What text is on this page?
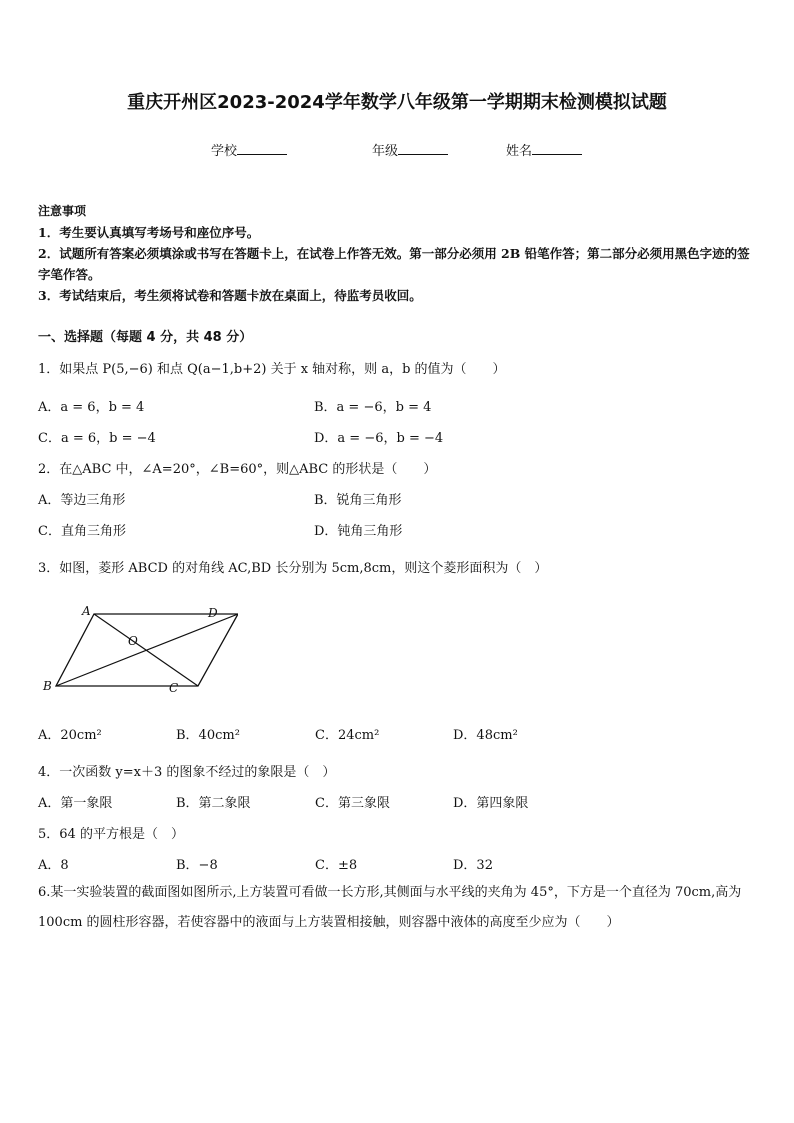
重庆开州区2023-2024学年数学八年级第一学期期末检测模拟试题
学校	年级	姓名
注意事项
1．考生要认真填写考场号和座位序号。
2．试题所有答案必须填涂或书写在答题卡上，在试卷上作答无效。第一部分必须用 2B 铅笔作答；第二部分必须用黑色字迹的签字笔作答。
3．考试结束后，考生须将试卷和答题卡放在桌面上，待监考员收回。
一、选择题（每题 4 分，共 48 分）
1．如果点 P(5,−6) 和点 Q(a−1,b+2) 关于 x 轴对称，则 a，b 的值为（　　）
A．a = 6，b = 4	B．a = −6，b = 4
C．a = 6，b = −4	D．a = −6，b = −4
2．在△ABC 中，∠A=20°，∠B=60°，则△ABC 的形状是（　　）
A．等边三角形	B．锐角三角形
C．直角三角形	D．钝角三角形
3．如图，菱形 ABCD 的对角线 AC,BD 长分别为 5cm,8cm，则这个菱形面积为（　）
A	D
O
B	C
A．20cm²	B．40cm²	C．24cm²	D．48cm²
4．一次函数 y=x＋3 的图象不经过的象限是（　）
A．第一象限	B．第二象限	C．第三象限	D．第四象限
5．64 的平方根是（　）
A．8	B．−8	C．±8	D．32
6.某一实验装置的截面图如图所示,上方装置可看做一长方形,其侧面与水平线的夹角为 45°，下方是一个直径为 70cm,高为 100cm 的圆柱形容器，若使容器中的液面与上方装置相接触，则容器中液体的高度至少应为（　　）
